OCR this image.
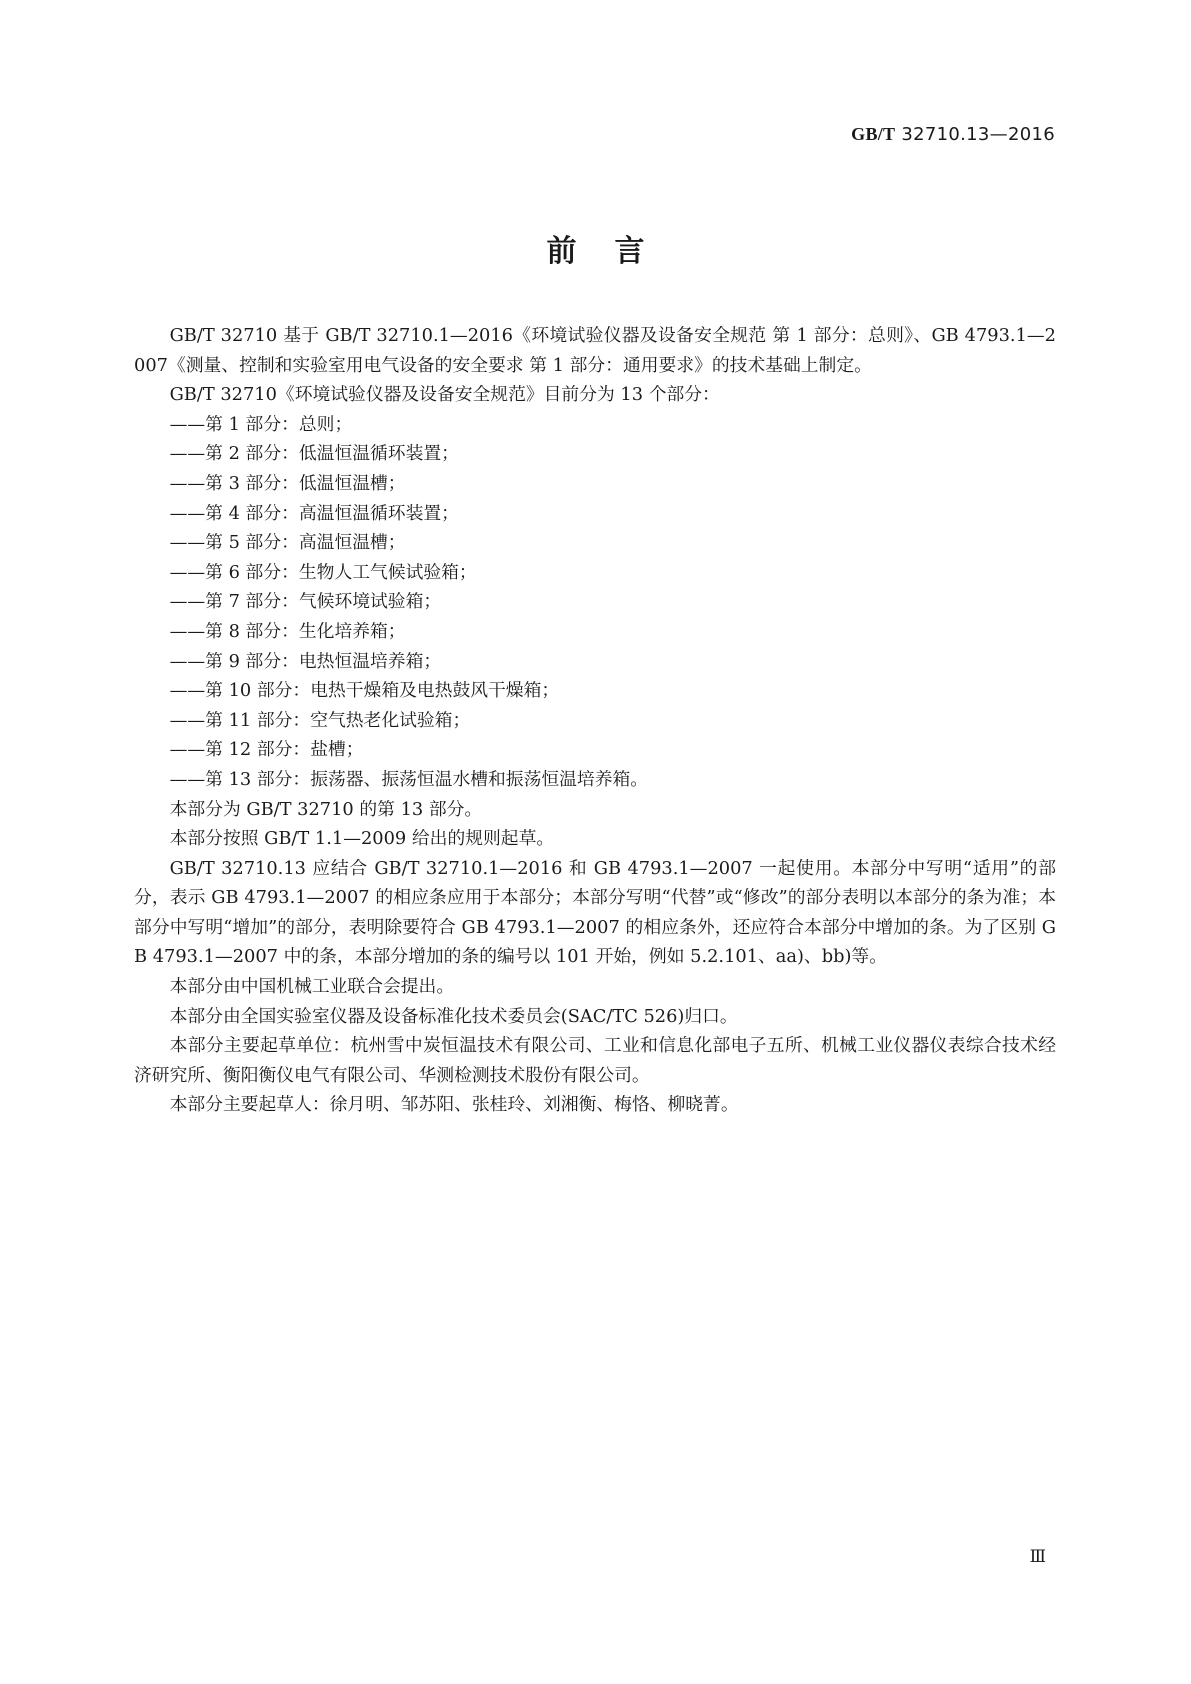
GB/T 32710.13—2016
前言

GB/T 32710 基于 GB/T 32710.1—2016《环境试验仪器及设备安全规范 第 1 部分：总则》、GB 4793.1—2007《测量、控制和实验室用电气设备的安全要求 第 1 部分：通用要求》的技术基础上制定。

GB/T 32710《环境试验仪器及设备安全规范》目前分为 13 个部分：

——第 1 部分：总则；

——第 2 部分：低温恒温循环装置；

——第 3 部分：低温恒温槽；

——第 4 部分：高温恒温循环装置；

——第 5 部分：高温恒温槽；

——第 6 部分：生物人工气候试验箱；

——第 7 部分：气候环境试验箱；

——第 8 部分：生化培养箱；

——第 9 部分：电热恒温培养箱；

——第 10 部分：电热干燥箱及电热鼓风干燥箱；

——第 11 部分：空气热老化试验箱；

——第 12 部分：盐槽；

——第 13 部分：振荡器、振荡恒温水槽和振荡恒温培养箱。

本部分为 GB/T 32710 的第 13 部分。

本部分按照 GB/T 1.1—2009 给出的规则起草。

GB/T 32710.13 应结合 GB/T 32710.1—2016 和 GB 4793.1—2007 一起使用。本部分中写明“适用”的部分，表示 GB 4793.1—2007 的相应条应用于本部分；本部分写明“代替”或“修改”的部分表明以本部分的条为准；本部分中写明“增加”的部分，表明除要符合 GB 4793.1—2007 的相应条外，还应符合本部分中增加的条。为了区别 GB 4793.1—2007 中的条，本部分增加的条的编号以 101 开始，例如 5.2.101、aa)、bb)等。

本部分由中国机械工业联合会提出。

本部分由全国实验室仪器及设备标准化技术委员会(SAC/TC 526)归口。

本部分主要起草单位：杭州雪中炭恒温技术有限公司、工业和信息化部电子五所、机械工业仪器仪表综合技术经济研究所、衡阳衡仪电气有限公司、华测检测技术股份有限公司。

本部分主要起草人：徐月明、邹苏阳、张桂玲、刘湘衡、梅恪、柳晓菁。

Ⅲ
